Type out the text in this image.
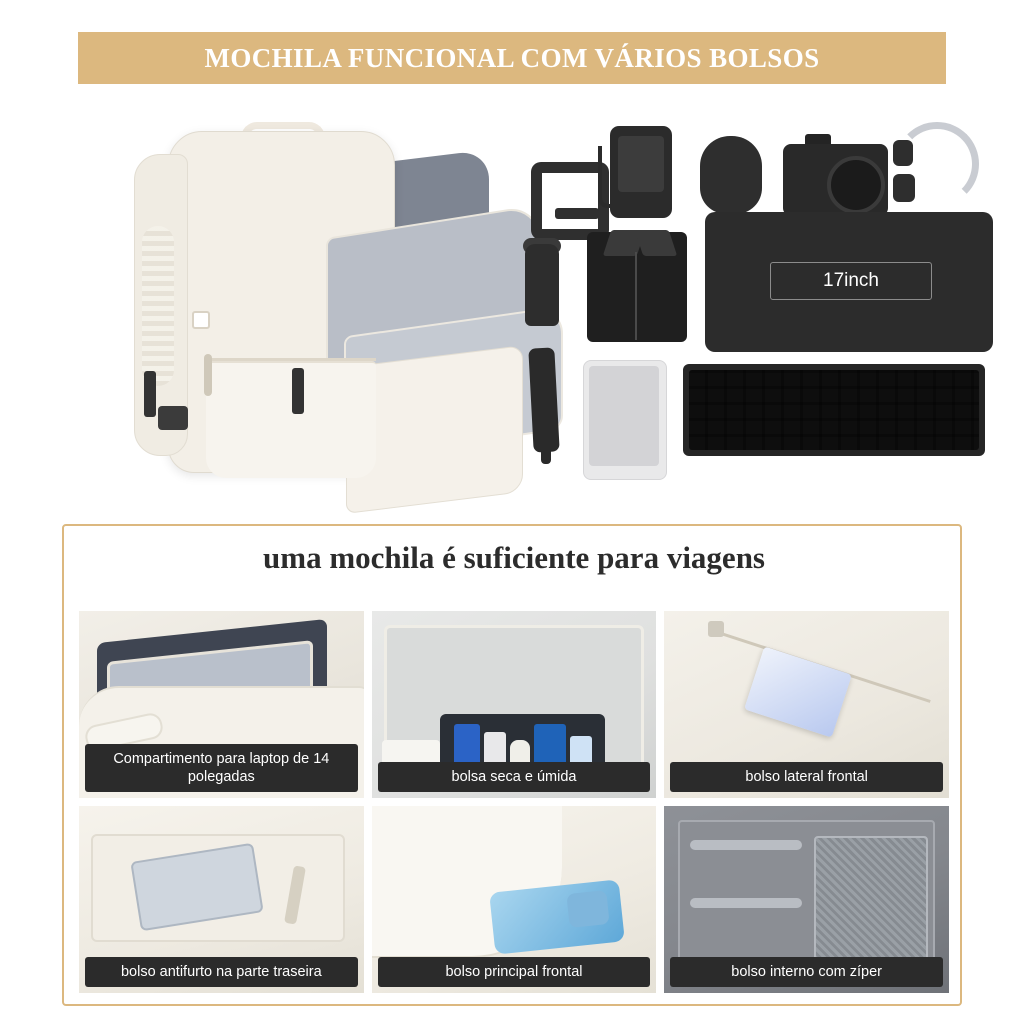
MOCHILA FUNCIONAL COM VÁRIOS BOLSOS
17inch
uma mochila é suficiente para viagens
Compartimento para laptop de 14 polegadas	bolsa seca e úmida	bolso lateral frontal
bolso antifurto na parte traseira	bolso principal frontal	bolso interno com zíper
